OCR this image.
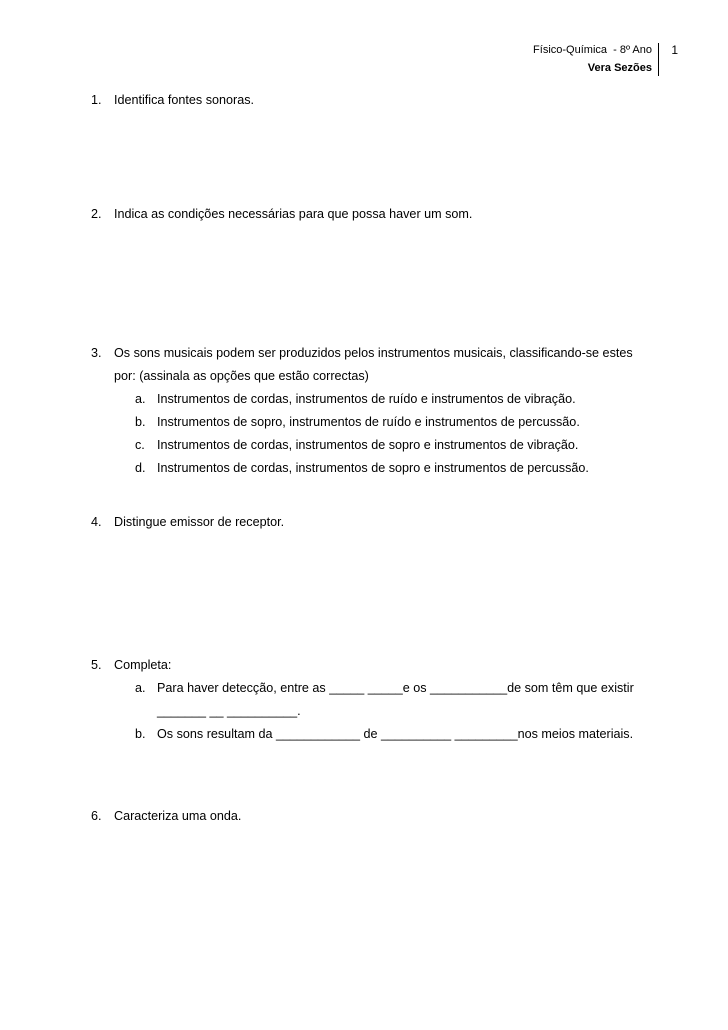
Físico-Química  - 8º Ano
Vera Sezões
1
1. Identifica fontes sonoras.
2. Indica as condições necessárias para que possa haver um som.
3. Os sons musicais podem ser produzidos pelos instrumentos musicais, classificando-se estes por: (assinala as opções que estão correctas)
a. Instrumentos de cordas, instrumentos de ruído e instrumentos de vibração.
b. Instrumentos de sopro, instrumentos de ruído e instrumentos de percussão.
c. Instrumentos de cordas, instrumentos de sopro e instrumentos de vibração.
d. Instrumentos de cordas, instrumentos de sopro e instrumentos de percussão.
4. Distingue emissor de receptor.
5. Completa:
a. Para haver detecção, entre as _____ _____e os ___________de som têm que existir _______ __ __________.
b. Os sons resultam da ____________ de __________ _________nos meios materiais.
6. Caracteriza uma onda.
